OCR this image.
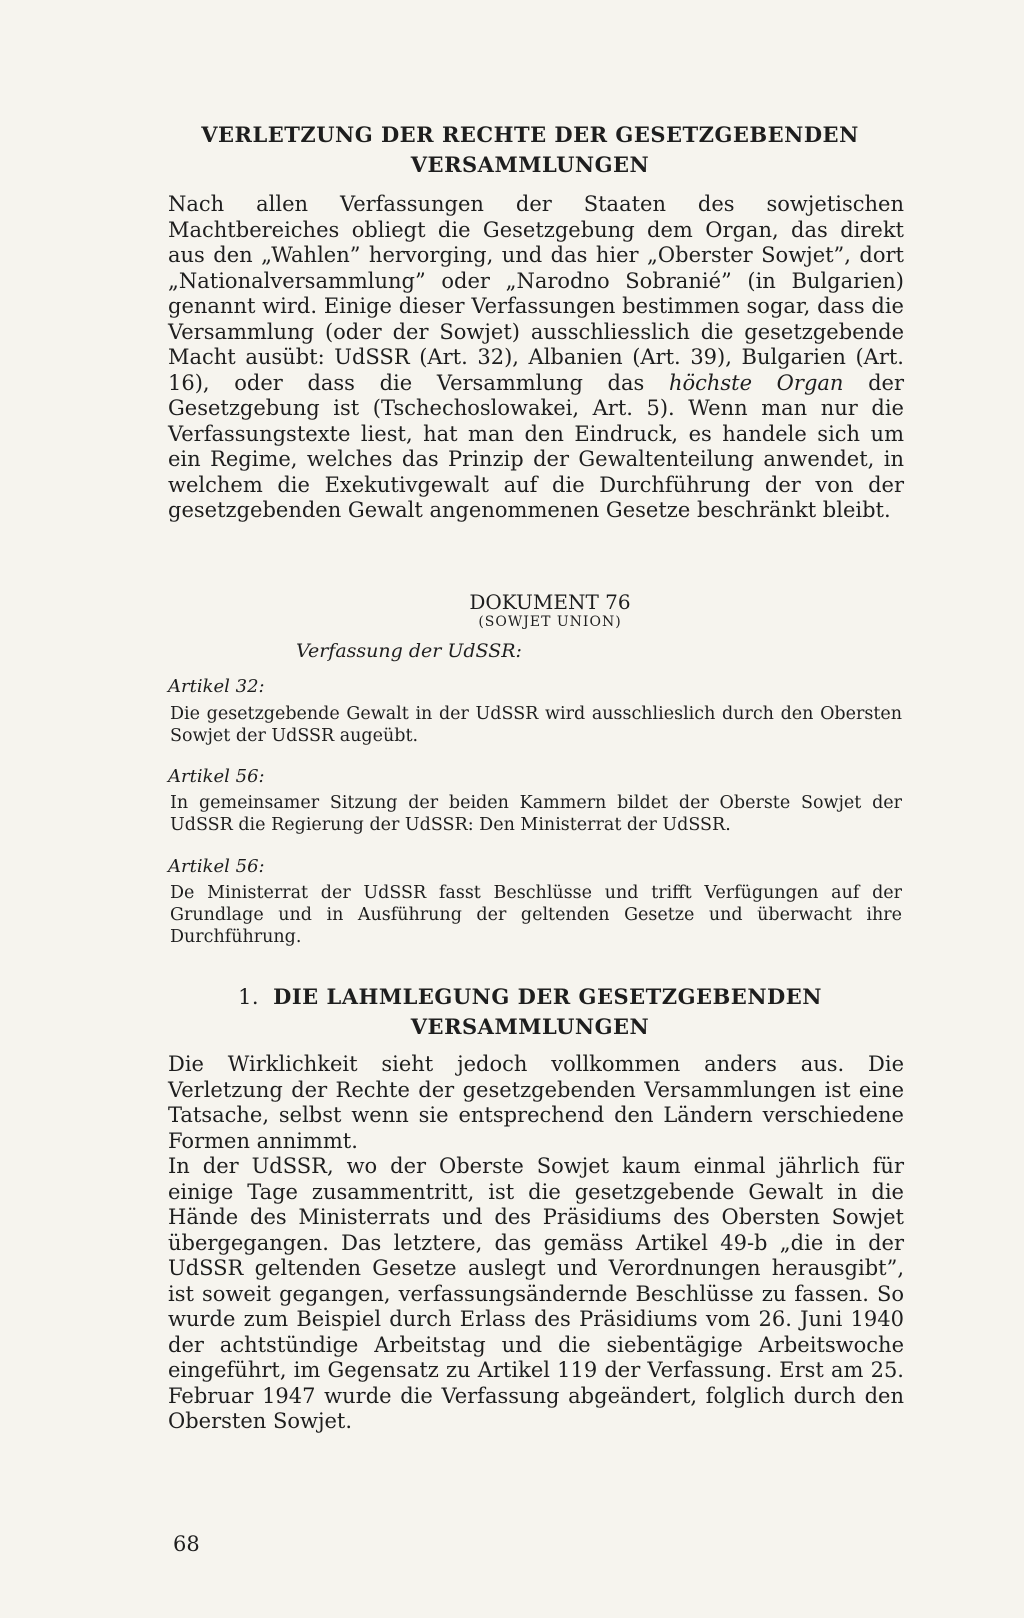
VERLETZUNG DER RECHTE DER GESETZGEBENDEN
VERSAMMLUNGEN

Nach allen Verfassungen der Staaten des sowjetischen Machtbereiches obliegt die Gesetzgebung dem Organ, das direkt aus den „Wahlen” hervorging, und das hier „Oberster Sowjet”, dort „Nationalversammlung” oder „Narodno Sobranié” (in Bulgarien) genannt wird. Einige dieser Verfassungen bestimmen sogar, dass die Versammlung (oder der Sowjet) ausschliesslich die gesetzgebende Macht ausübt: UdSSR (Art. 32), Albanien (Art. 39), Bulgarien (Art. 16), oder dass die Versammlung das höchste Organ der Gesetzgebung ist (Tschechoslowakei, Art. 5). Wenn man nur die Verfassungstexte liest, hat man den Eindruck, es handele sich um ein Regime, welches das Prinzip der Gewaltenteilung anwendet, in welchem die Exekutivgewalt auf die Durchführung der von der gesetzgebenden Gewalt angenommenen Gesetze beschränkt bleibt.

DOKUMENT 76
(SOWJET UNION)
Verfassung der UdSSR:
Artikel 32:

Die gesetzgebende Gewalt in der UdSSR wird ausschlieslich durch den Obersten Sowjet der UdSSR augeübt.

Artikel 56:

In gemeinsamer Sitzung der beiden Kammern bildet der Oberste Sowjet der UdSSR die Regierung der UdSSR: Den Ministerrat der UdSSR.

Artikel 56:

De Ministerrat der UdSSR fasst Beschlüsse und trifft Verfügungen auf der Grundlage und in Ausführung der geltenden Gesetze und überwacht ihre Durchführung.

1. DIE LAHMLEGUNG DER GESETZGEBENDEN
VERSAMMLUNGEN

Die Wirklichkeit sieht jedoch vollkommen anders aus. Die Verletzung der Rechte der gesetzgebenden Versammlungen ist eine Tatsache, selbst wenn sie entsprechend den Ländern verschiedene Formen annimmt.

In der UdSSR, wo der Oberste Sowjet kaum einmal jährlich für einige Tage zusammentritt, ist die gesetzgebende Gewalt in die Hände des Ministerrats und des Präsidiums des Obersten Sowjet übergegangen. Das letztere, das gemäss Artikel 49-b „die in der UdSSR geltenden Gesetze auslegt und Verordnungen herausgibt”, ist soweit gegangen, verfassungsändernde Beschlüsse zu fassen. So wurde zum Beispiel durch Erlass des Präsidiums vom 26. Juni 1940 der achtstündige Arbeitstag und die siebentägige Arbeitswoche eingeführt, im Gegensatz zu Artikel 119 der Verfassung. Erst am 25. Februar 1947 wurde die Verfassung abgeändert, folglich durch den Obersten Sowjet.

68
